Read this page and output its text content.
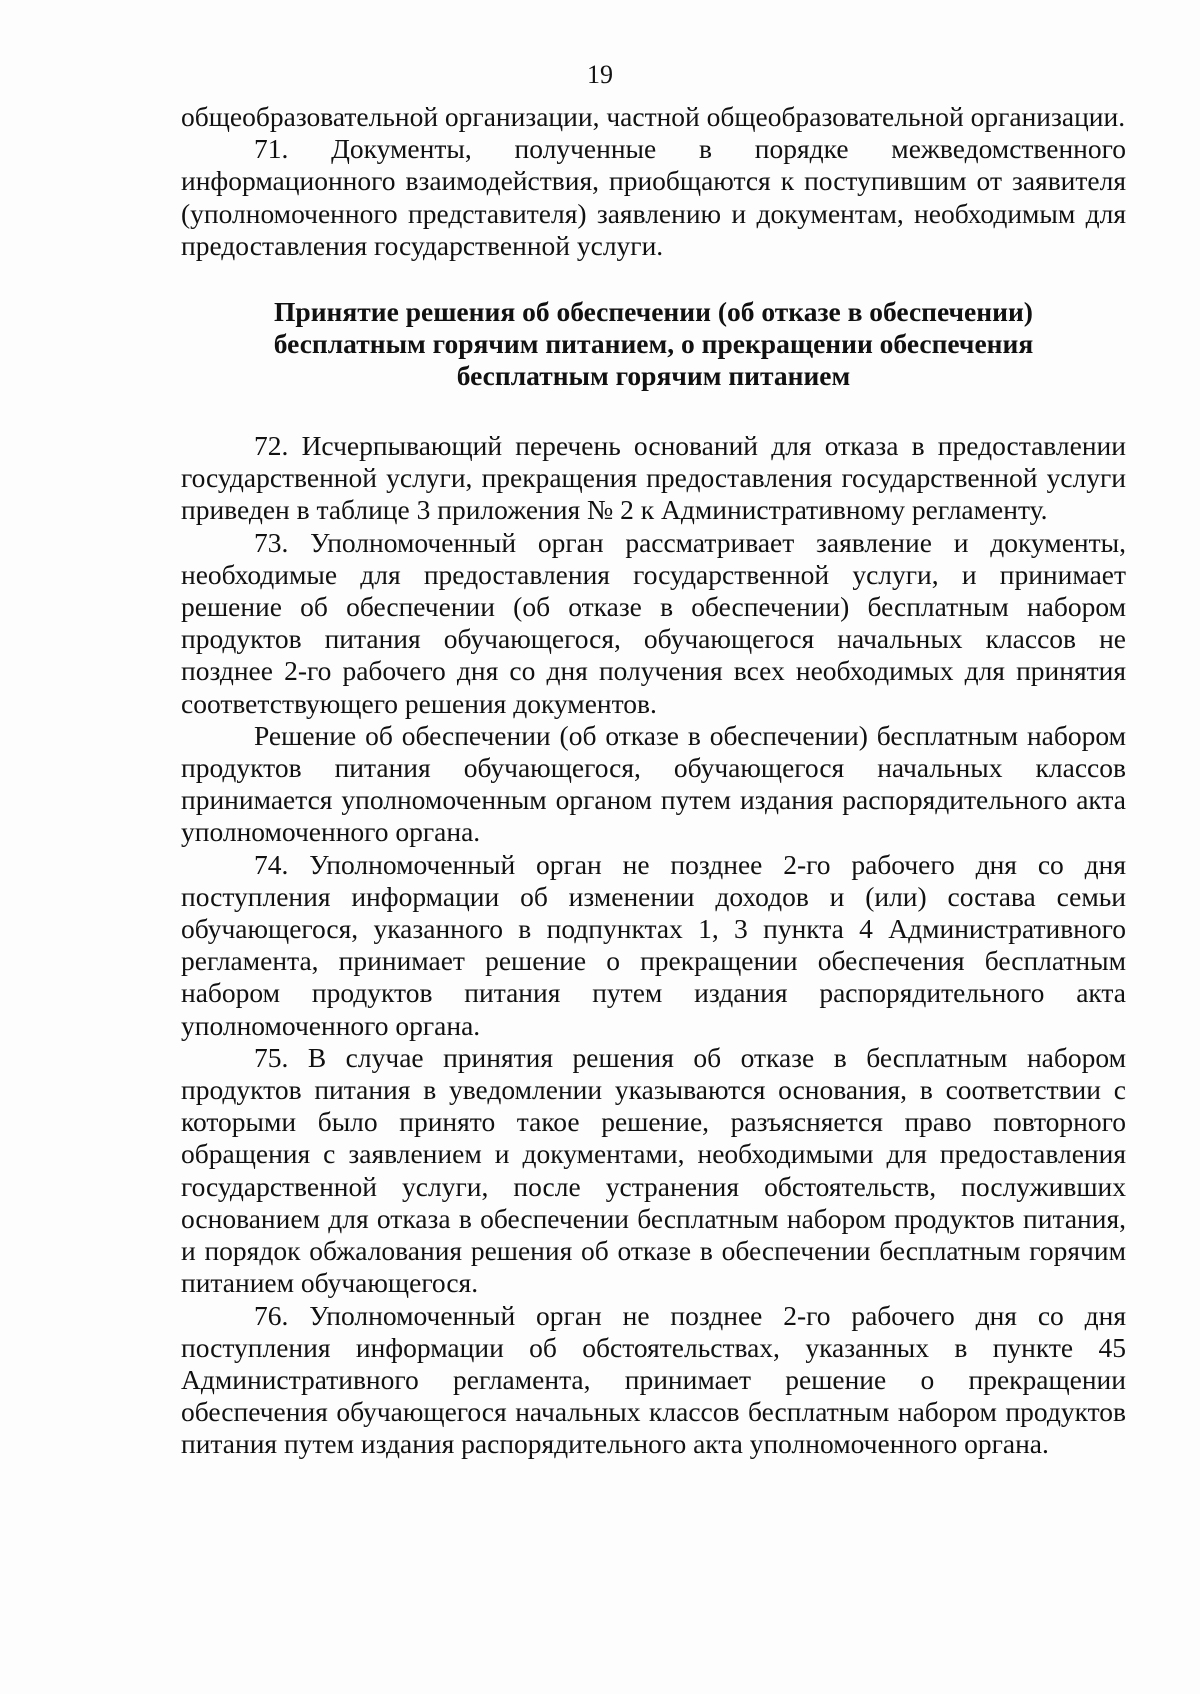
19

общеобразовательной организации, частной общеобразовательной организации.

71. Документы, полученные в порядке межведомственного информационного взаимодействия, приобщаются к поступившим от заявителя (уполномоченного представителя) заявлению и документам, необходимым для предоставления государственной услуги.

Принятие решения об обеспечении (об отказе в обеспечении)
бесплатным горячим питанием, о прекращении обеспечения
бесплатным горячим питанием

72. Исчерпывающий перечень оснований для отказа в предоставлении государственной услуги, прекращения предоставления государственной услуги приведен в таблице 3 приложения № 2 к Административному регламенту.

73. Уполномоченный орган рассматривает заявление и документы, необходимые для предоставления государственной услуги, и принимает решение об обеспечении (об отказе в обеспечении) бесплатным набором продуктов питания обучающегося, обучающегося начальных классов не позднее 2-го рабочего дня со дня получения всех необходимых для принятия соответствующего решения документов.

Решение об обеспечении (об отказе в обеспечении) бесплатным набором продуктов питания обучающегося, обучающегося начальных классов принимается уполномоченным органом путем издания распорядительного акта уполномоченного органа.

74. Уполномоченный орган не позднее 2-го рабочего дня со дня поступления информации об изменении доходов и (или) состава семьи обучающегося, указанного в подпунктах 1, 3 пункта 4 Административного регламента, принимает решение о прекращении обеспечения бесплатным набором продуктов питания путем издания распорядительного акта уполномоченного органа.

75. В случае принятия решения об отказе в бесплатным набором продуктов питания в уведомлении указываются основания, в соответствии с которыми было принято такое решение, разъясняется право повторного обращения с заявлением и документами, необходимыми для предоставления государственной услуги, после устранения обстоятельств, послуживших основанием для отказа в обеспечении бесплатным набором продуктов питания, и порядок обжалования решения об отказе в обеспечении бесплатным горячим питанием обучающегося.

76. Уполномоченный орган не позднее 2-го рабочего дня со дня поступления информации об обстоятельствах, указанных в пункте 45 Административного регламента, принимает решение о прекращении обеспечения обучающегося начальных классов бесплатным набором продуктов питания путем издания распорядительного акта уполномоченного органа.
